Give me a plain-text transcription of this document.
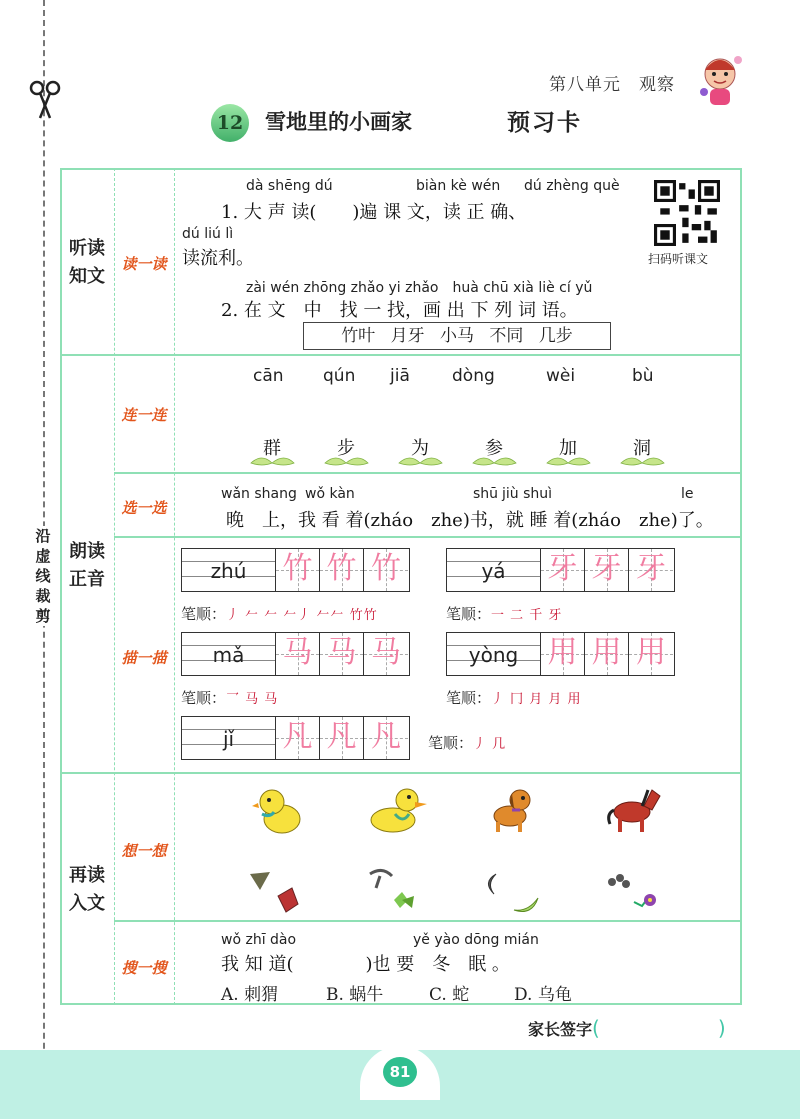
沿
虚
线
裁
剪
第八单元　观察
12 雪地里的小画家	预习卡
听读
知文
读一读
连一连
选一选
朗读
正音
描一描
再读
入文
想一想
搜一搜
dà shēng dú	biàn kè wén dú zhèng què
1. 大 声 读(　　)遍 课 文，读 正 确、
dú liú lì
读流利。	扫码听课文
zài wén zhōng zhǎo yi zhǎo　huà chū xià liè cí yǔ
2. 在 文　中　找 一 找，画 出 下 列 词 语。
竹叶 月牙 小马 不同 几步
cān qún jiā dòng	wèi	bù
群	步	为	参	加	洞
wǎn shang wǒ kàn	shū jiù shuì	le
晚　上，我 看 着(zháo　zhe)书，就 睡 着(zháo　zhe)了。
zhú	竹 竹 竹	yá	牙 牙 牙
笔顺：丿 𠂉 𠂉 𠂉丿 𠂉𠂉 竹竹	笔顺：一 二 千 牙
mǎ	马 马 马	yòng 用 用 用
笔顺：乛 马 马	笔顺：丿 冂 月 月 用
jǐ	凡 凡 凡	笔顺：丿 几
wǒ zhī dào	yě yào dōng mián
我 知 道(　　　　)也 要　冬　眠 。
A. 刺猬	B. 蜗牛	C. 蛇	D. 乌龟
家长签字(	)
81
